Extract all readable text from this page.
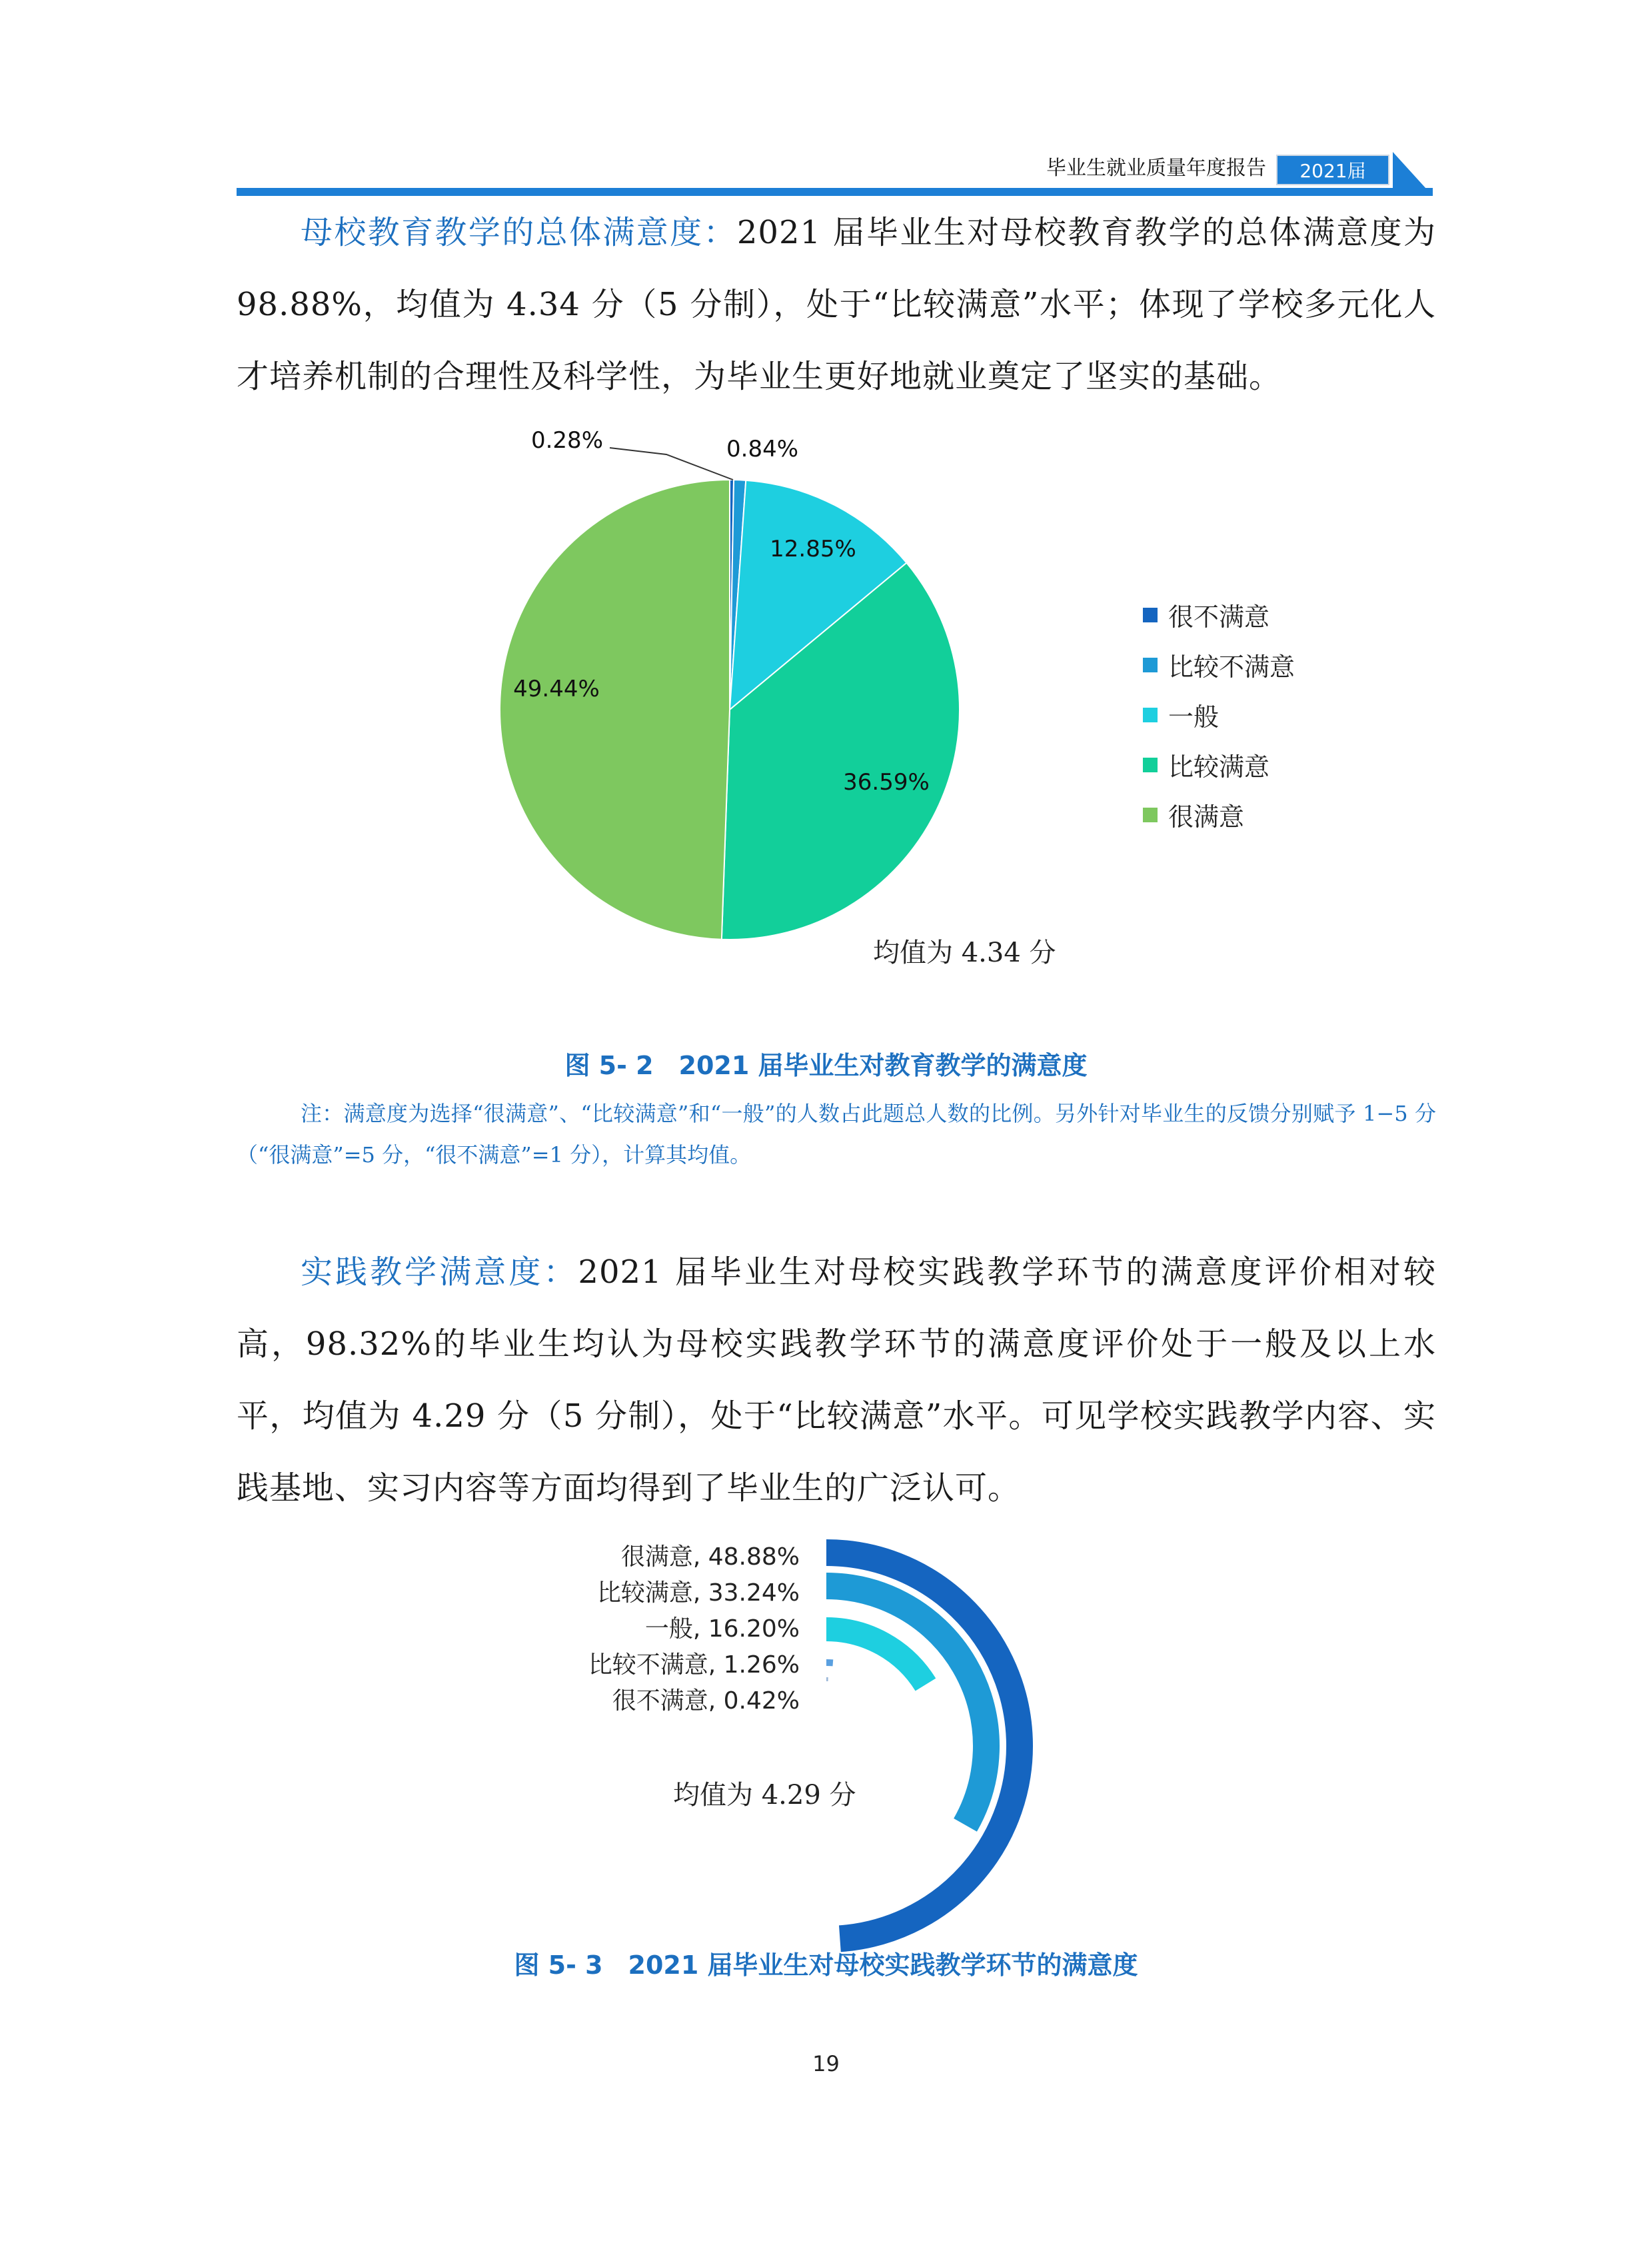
毕业生就业质量年度报告	2021届
母校教育教学的总体满意度：2021 届毕业生对母校教育教学的总体满意度为98.88%，均值为 4.34 分（5 分制），处于“比较满意”水平；体现了学校多元化人才培养机制的合理性及科学性，为毕业生更好地就业奠定了坚实的基础。
0.28%	0.84%
12.85%
36.59%
49.44%
很不满意
比较不满意
一般
比较满意
很满意
均值为 4.34 分
图 5- 2　2021 届毕业生对教育教学的满意度
注：满意度为选择“很满意”、“比较满意”和“一般”的人数占此题总人数的比例。另外针对毕业生的反馈分别赋予 1−5 分（“很满意”=5 分，“很不满意”=1 分），计算其均值。
实践教学满意度：2021 届毕业生对母校实践教学环节的满意度评价相对较高，98.32%的毕业生均认为母校实践教学环节的满意度评价处于一般及以上水平，均值为 4.29 分（5 分制），处于“比较满意”水平。可见学校实践教学内容、实践基地、实习内容等方面均得到了毕业生的广泛认可。
很满意, 48.88%
比较满意, 33.24%
一般, 16.20%
比较不满意, 1.26%
很不满意, 0.42%
均值为 4.29 分
图 5- 3　2021 届毕业生对母校实践教学环节的满意度
19
